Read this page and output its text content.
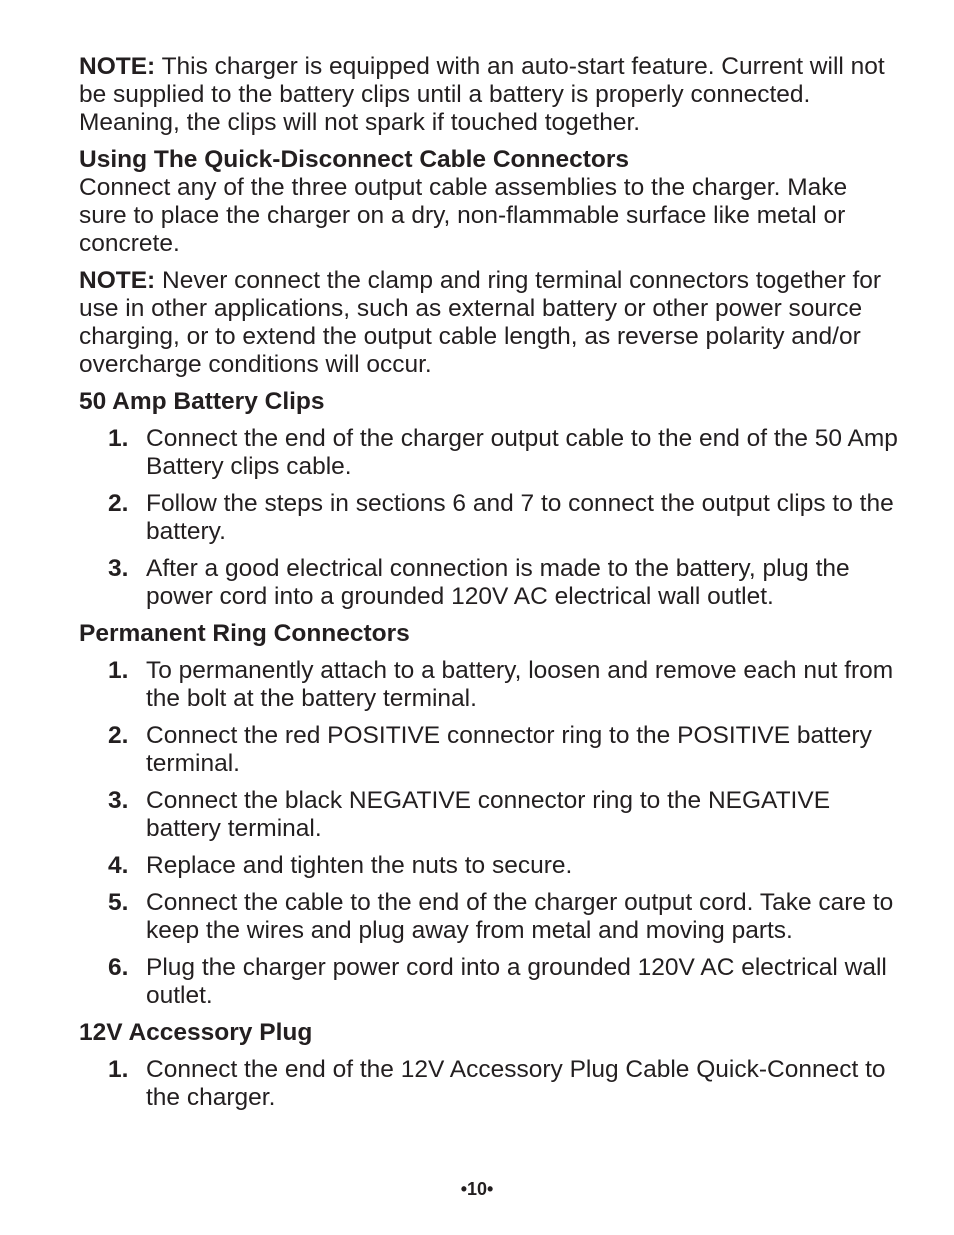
NOTE: This charger is equipped with an auto-start feature. Current will not be supplied to the battery clips until a battery is properly connected. Meaning, the clips will not spark if touched together.

Using The Quick-Disconnect Cable Connectors

Connect any of the three output cable assemblies to the charger. Make sure to place the charger on a dry, non-flammable surface like metal or concrete.

NOTE: Never connect the clamp and ring terminal connectors together for use in other applications, such as external battery or other power source charging, or to extend the output cable length, as reverse polarity and/or overcharge conditions will occur.

50 Amp Battery Clips

1. Connect the end of the charger output cable to the end of the 50 Amp Battery clips cable.
2. Follow the steps in sections 6 and 7 to connect the output clips to the battery.
3. After a good electrical connection is made to the battery, plug the power cord into a grounded 120V AC electrical wall outlet.

Permanent Ring Connectors

1. To permanently attach to a battery, loosen and remove each nut from the bolt at the battery terminal.
2. Connect the red POSITIVE connector ring to the POSITIVE battery terminal.
3. Connect the black NEGATIVE connector ring to the NEGATIVE battery terminal.
4. Replace and tighten the nuts to secure.
5. Connect the cable to the end of the charger output cord. Take care to keep the wires and plug away from metal and moving parts.
6. Plug the charger power cord into a grounded 120V AC electrical wall outlet.

12V Accessory Plug

1. Connect the end of the 12V Accessory Plug Cable Quick-Connect to the charger.
•10•
